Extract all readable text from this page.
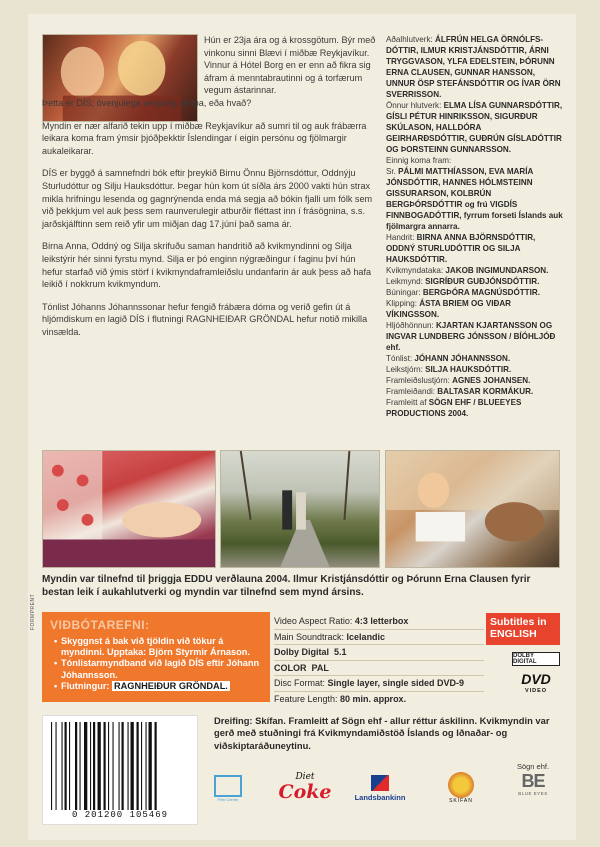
Hún er 23ja ára og á krossgötum. Býr með vinkonu sinni Blævi í miðbæ Reykjavíkur. Vinnur á Hótel Borg en er enn að fikra sig áfram á menntabrautinni og á torfærum vegum ástarinnar.

Þetta er DÍS; óvenjulega venjuleg stelpa, eða hvað?

Myndin er nær alfarið tekin upp í miðbæ Reykjavíkur að sumri til og auk frábærra leikara koma fram ýmsir þjóðþekktir Íslendingar í eigin persónu og fjölmargir aukaleikarar.

DÍS er byggð á samnefndri bók eftir þreykið Birnu Önnu Björnsdóttur, Oddnýju Sturludóttur og Silju Hauksdóttur. Þegar hún kom út síðla árs 2000 vakti hún strax mikla hrifningu lesenda og gagnrýnenda enda má segja að bókin fjalli um fólk sem við þekkjum vel auk þess sem raunverulegir atburðir fléttast inn í frásögnina, s.s. jarðskjálftinn sem reið yfir um miðjan dag 17.júní það sama ár.

Birna Anna, Oddný og Silja skrifuðu saman handritið að kvikmyndinni og Silja leikstýrir hér sinni fyrstu mynd. Silja er þó enginn nýgræðingur í faginu því hún hefur starfað við ýmis störf í kvikmyndaframleiðslu undanfarin ár auk þess að hafa leikið í nokkrum kvikmyndum.

Tónlist Jóhanns Jóhannssonar hefur fengið frábæra dóma og verið gefin út á hljómdiskum en lagið DÍS í flutningi RAGNHEIÐAR GRÖNDAL hefur notið mikilla vinsælda.

Aðalhlutverk: ÁLFRÚN HELGA ÖRNÓLFS-DÓTTIR, ILMUR KRISTJÁNSDÓTTIR, ÁRNI TRYGGVASON, YLFA EDELSTEIN, ÞÓRUNN ERNA CLAUSEN, GUNNAR HANSSON, UNNUR ÖSP STEFÁNSDÓTTIR OG ÍVAR ÖRN SVERRISSON.
Önnur hlutverk: ELMA LÍSA GUNNARSDÓTTIR, GÍSLI PÉTUR HINRIKSSON, SIGURÐUR SKÚLASON, HALLDÓRA GEIRHARÐSDÓTTIR, GUÐRÚN GÍSLADÓTTIR OG ÞORSTEINN GUNNARSSON.
Einnig koma fram:
Sr. PÁLMI MATTHÍASSON, EVA MARÍA JÓNSDÓTTIR, HANNES HÓLMSTEINN GISSURARSON, KOLBRÚN BERGÞÓRSDÓTTIR og frú VIGDÍS FINNBOGADÓTTIR, fyrrum forseti Íslands auk fjölmargra annarra.
Handrit: BIRNA ANNA BJÖRNSDÓTTIR, ODDNÝ STURLUDÓTTIR OG SILJA HAUKSDÓTTIR.
Kvikmyndataka: JAKOB INGIMUNDARSON.
Leikmynd: SIGRÍÐUR GUÐJÓNSDÓTTIR.
Búningar: BERGÞÓRA MAGNÚSDÓTTIR.
Klipping: ÁSTA BRIEM OG VIÐAR VÍKINGSSON.
Hljóðhönnun: KJARTAN KJARTANSSON OG INGVAR LUNDBERG JÓNSSON / BÍÓHLJÓÐ ehf.
Tónlist: JÓHANN JÓHANNSSON.
Leikstjórn: SILJA HAUKSDÓTTIR.
Framleiðslustjórn: AGNES JOHANSEN.
Framleiðandi: BALTASAR KORMÁKUR.
Framleitt af SÖGN EHF / BLUEEYES PRODUCTIONS 2004.
Myndin var tilnefnd til þriggja EDDU verðlauna 2004. Ilmur Kristjánsdóttir og Þórunn Erna Clausen fyrir bestan leik í aukahlutverki og myndin var tilnefnd sem mynd ársins.
FORMPRENT VIÐBÓTAREFNI:
• Skyggnst á bak við tjöldin við tökur á myndinni. Upptaka: Björn Styrmir Árnason.
• Tónlistarmyndband við lagið DÍS eftir Jóhann Jóhannsson.
• Flutningur: RAGNHEIÐUR GRÖNDAL.
Video Aspect Ratio: 4:3 letterbox
Main Soundtrack: Icelandic
Dolby Digital 5.1
COLOR PAL
Disc Format: Single layer, single sided DVD-9
Feature Length: 80 min. approx.
Subtitles in ENGLISH
DOLBY DIGITAL
DVD
VIDEO
0 201200 105469
Dreifing: Skífan. Framleitt af Sögn ehf - allur réttur áskilinn. Kvikmyndin var gerð með stuðningi frá Kvikmyndamiðstöð Íslands og Iðnaðar- og viðskiptaráðuneytinu.
Film Centre
Diet
Coke	Landsbankinn	SKÍFAN
Sögn ehf.
BE
BLUE EYES
